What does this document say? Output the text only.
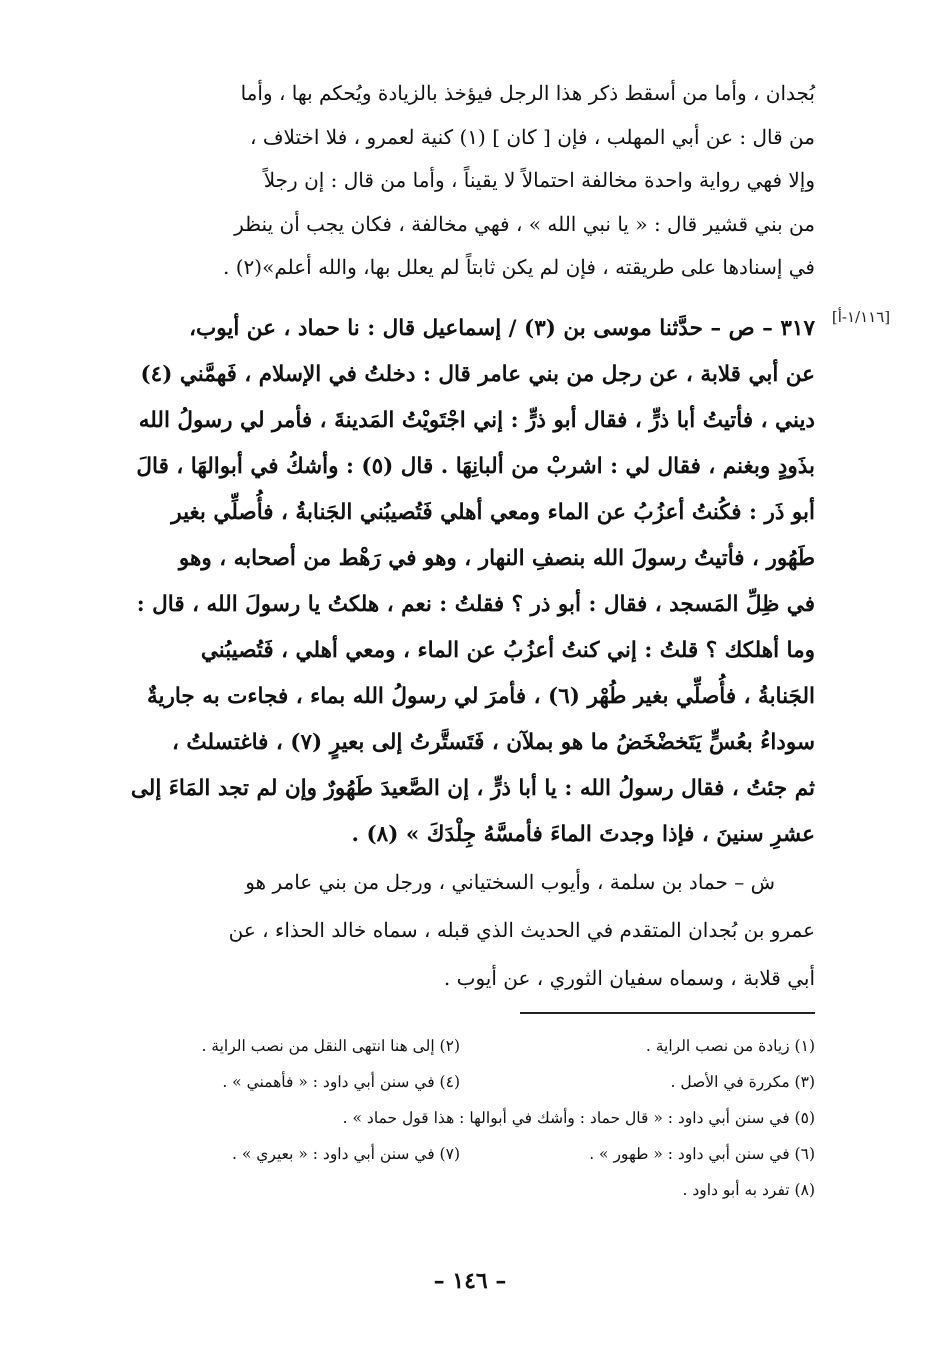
بُجدان ، وأما من أسقط ذكر هذا الرجل فيؤخذ بالزيادة ويُحكم بها ، وأما
من قال : عن أبي المهلب ، فإن [ كان ] (١) كنية لعمرو ، فلا اختلاف ،
وإلا فهي رواية واحدة مخالفة احتمالاً لا يقيناً ، وأما من قال : إن رجلاً
من بني قشير قال : « يا نبي الله » ، فهي مخالفة ، فكان يجب أن ينظر
في إسنادها على طريقته ، فإن لم يكن ثابتاً لم يعلل بها، والله أعلم»(٢) .
[١/١١٦-أ]
٣١٧ – ص – حدَّثنا موسى بن (٣) / إسماعيل قال : نا حماد ، عن أيوب،
عن أبي قلابة ، عن رجل من بني عامر قال : دخلتُ في الإسلام ، فَهمَّني (٤)
ديني ، فأتيتُ أبا ذرٍّ ، فقال أبو ذرٍّ : إني اجْتَويْتُ المَدينةَ ، فأمر لي رسولُ الله
بذَودٍ وبغنم ، فقال لي : اشربْ من ألبانِهَا . قال (٥) : وأشكُ في أبوالهَا ، قالَ
أبو ذَر : فكُنتُ أعزُبُ عن الماء ومعي أهلي فَتُصيبُني الجَنابةُ ، فأُصلِّي بغير
طَهُور ، فأتيتُ رسولَ الله بنصفِ النهار ، وهو في رَهْط من أصحابه ، وهو
في ظِلِّ المَسجد ، فقال : أبو ذر ؟ فقلتُ : نعم ، هلكتُ يا رسولَ الله ، قال :
وما أهلكك ؟ قلتُ : إني كنتُ أعزُبُ عن الماء ، ومعي أهلي ، فَتُصيبُني
الجَنابةُ ، فأُصلِّي بغير طُهْر (٦) ، فأمرَ لي رسولُ الله بماء ، فجاءت به جاريةٌ
سوداءُ بعُسٍّ يَتَخضْخَضُ ما هو بملآن ، فَتَستَّرتُ إلى بعيرٍ (٧) ، فاغتسلتُ ،
ثم جئتُ ، فقال رسولُ الله : يا أبا ذرٍّ ، إن الصَّعيدَ طَهُورٌ وإن لم تجد المَاءَ إلى
عشرِ سنينَ ، فإذا وجدتَ الماءَ فأمسَّهُ جِلْدَكَ » (٨) .
ش – حماد بن سلمة ، وأيوب السختياني ، ورجل من بني عامر هو
عمرو بن بُجدان المتقدم في الحديث الذي قبله ، سماه خالد الحذاء ، عن
أبي قلابة ، وسماه سفيان الثوري ، عن أيوب .
(١) زيادة من نصب الراية .
(٢) إلى هنا انتهى النقل من نصب الراية .
(٣) مكررة في الأصل .
(٤) في سنن أبي داود : « فأهمني » .
(٥) في سنن أبي داود : « قال حماد : وأشك في أبوالها : هذا قول حماد » .
(٦) في سنن أبي داود : « طهور » .
(٧) في سنن أبي داود : « بعيري » .
(٨) تفرد به أبو داود .
– ١٤٦ –
